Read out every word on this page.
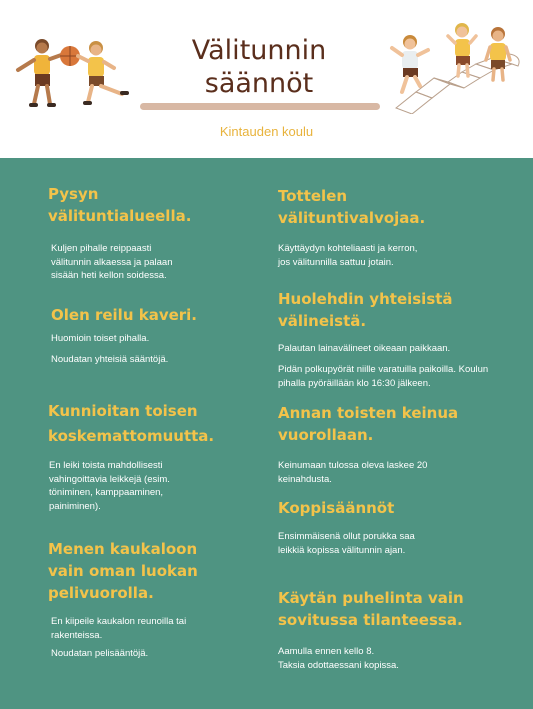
Välitunnin
säännöt
Kintauden koulu
Pysyn
välituntialueella.
Kuljen pihalle reippaasti
välitunnin alkaessa ja palaan
sisään heti kellon soidessa.
Olen reilu kaveri.
Huomioin toiset pihalla.
Noudatan yhteisiä sääntöjä.
Kunnioitan toisen
koskemattomuutta.
En leiki toista mahdollisesti
vahingoittavia leikkejä (esim.
töniminen, kamppaaminen,
painiminen).
Menen kaukaloon
vain oman luokan
pelivuorolla.
En kiipeile kaukalon reunoilla tai
rakenteissa.
Noudatan pelisääntöjä.
Tottelen
välituntivalvojaa.
Käyttäydyn kohteliaasti ja kerron,
jos välitunnilla sattuu jotain.
Huolehdin yhteisistä
välineistä.
Palautan lainavälineet oikeaan paikkaan.
Pidän polkupyörät niille varatuilla paikoilla. Koulun
pihalla pyöräillään klo 16:30 jälkeen.
Annan toisten keinua
vuorollaan.
Keinumaan tulossa oleva laskee 20
keinahdusta.
Koppisäännöt
Ensimmäisenä ollut porukka saa
leikkiä kopissa välitunnin ajan.
Käytän puhelinta vain
sovitussa tilanteessa.
Aamulla ennen kello 8.
Taksia odottaessani kopissa.
